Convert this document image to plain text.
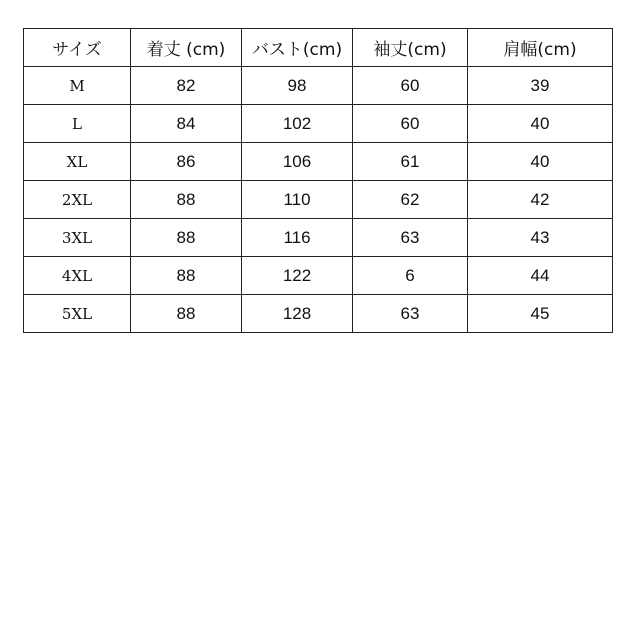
サイズ	着丈 (cm)	バスト(cm)	袖丈(cm)	肩幅(cm)
M	82	98	60	39
L	84	102	60	40
XL	86	106	61	40
2XL	88	110	62	42
3XL	88	116	63	43
4XL	88	122	6	44
5XL	88	128	63	45
